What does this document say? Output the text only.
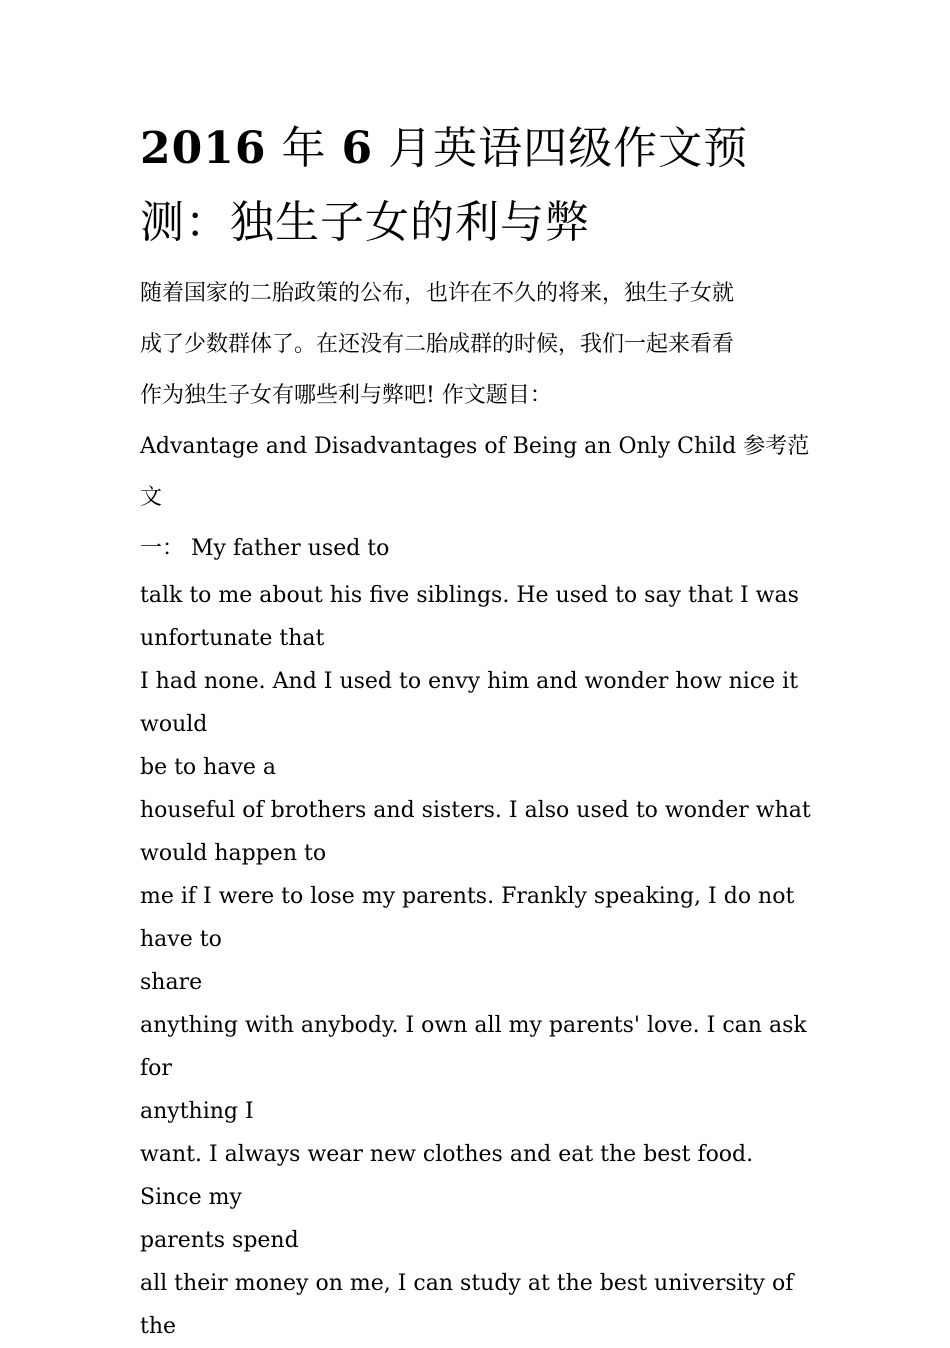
2016 年 6 月英语四级作文预测：独生子女的利与弊

随着国家的二胎政策的公布，也许在不久的将来，独生子女就

成了少数群体了。在还没有二胎成群的时候，我们一起来看看

作为独生子女有哪些利与弊吧! 作文题目：

Advantage and Disadvantages of Being an Only Child 参考范文

一： My father used to

talk to me about his five siblings. He used to say that I was

unfortunate that

I had none. And I used to envy him and wonder how nice it would

be to have a

houseful of brothers and sisters. I also used to wonder what

would happen to

me if I were to lose my parents. Frankly speaking, I do not have to

share

anything with anybody. I own all my parents' love. I can ask for

anything I

want. I always wear new clothes and eat the best food. Since my

parents spend

all their money on me, I can study at the best university of the
